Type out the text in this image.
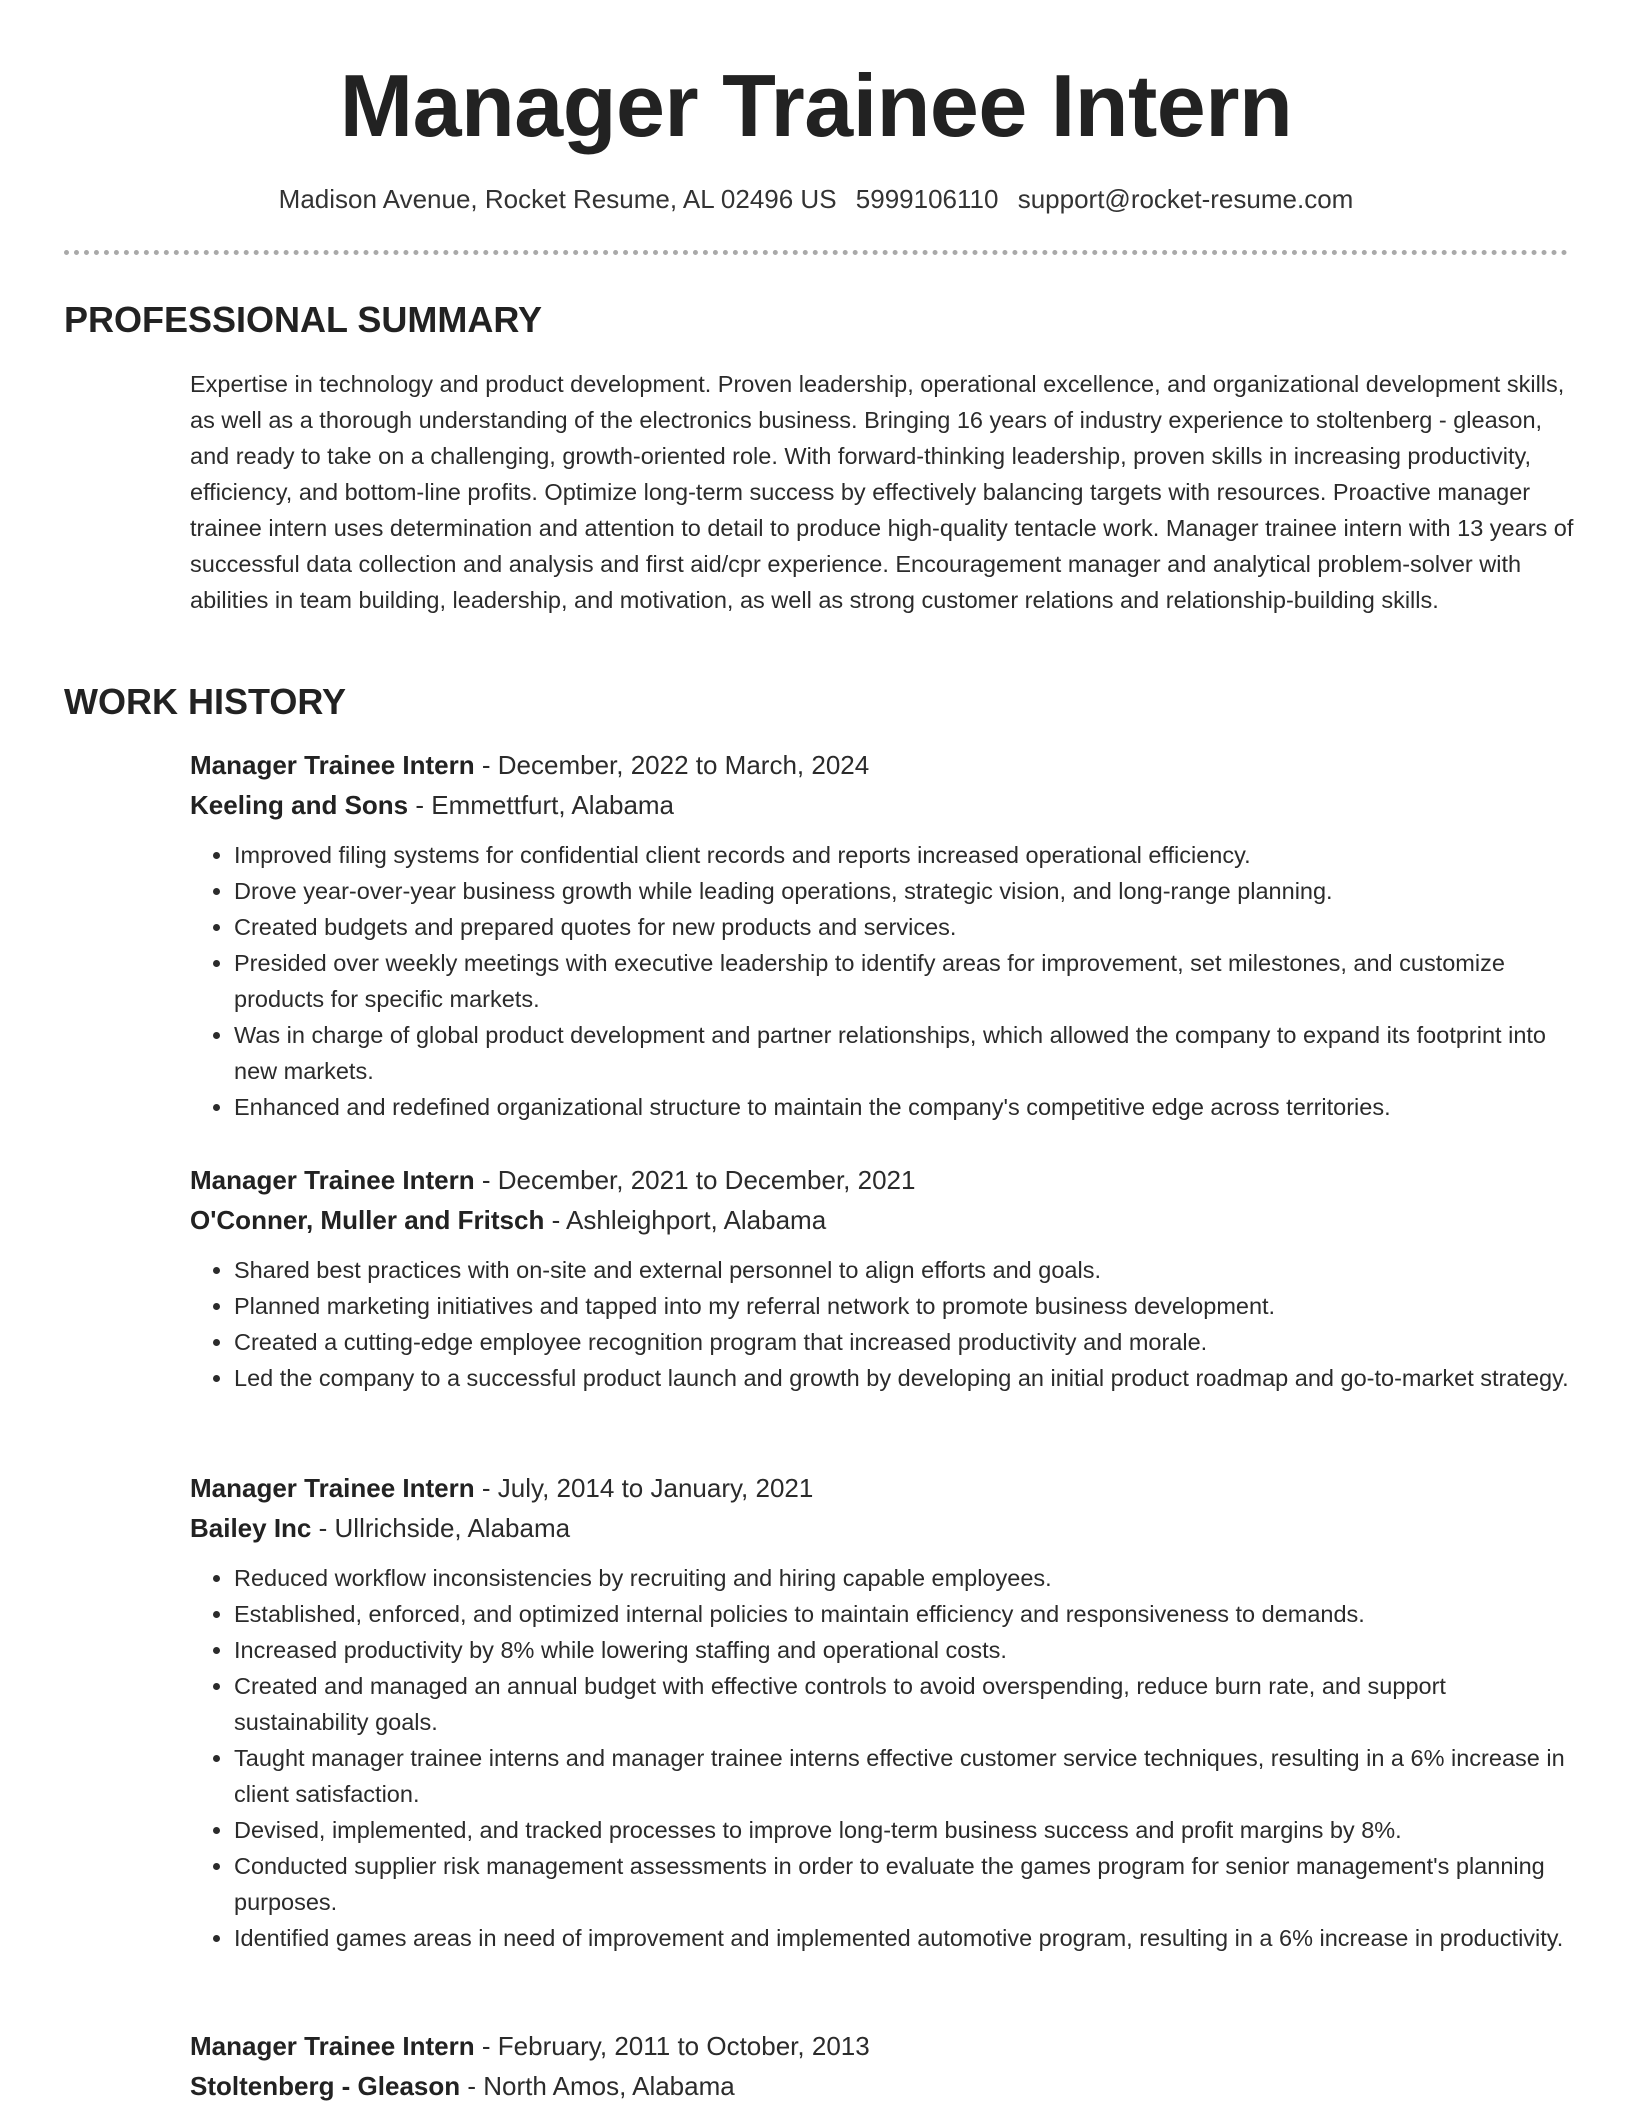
Manager Trainee Intern
Madison Avenue, Rocket Resume, AL 02496 US 5999106110 support@rocket-resume.com
PROFESSIONAL SUMMARY
Expertise in technology and product development. Proven leadership, operational excellence, and organizational development skills, as well as a thorough understanding of the electronics business. Bringing 16 years of industry experience to stoltenberg - gleason, and ready to take on a challenging, growth-oriented role. With forward-thinking leadership, proven skills in increasing productivity, efficiency, and bottom-line profits. Optimize long-term success by effectively balancing targets with resources. Proactive manager trainee intern uses determination and attention to detail to produce high-quality tentacle work. Manager trainee intern with 13 years of successful data collection and analysis and first aid/cpr experience. Encouragement manager and analytical problem-solver with abilities in team building, leadership, and motivation, as well as strong customer relations and relationship-building skills.
WORK HISTORY
Manager Trainee Intern - December, 2022 to March, 2024
Keeling and Sons - Emmettfurt, Alabama
• Improved filing systems for confidential client records and reports increased operational efficiency.
• Drove year-over-year business growth while leading operations, strategic vision, and long-range planning.
• Created budgets and prepared quotes for new products and services.
• Presided over weekly meetings with executive leadership to identify areas for improvement, set milestones, and customize products for specific markets.
• Was in charge of global product development and partner relationships, which allowed the company to expand its footprint into new markets.
• Enhanced and redefined organizational structure to maintain the company's competitive edge across territories.
Manager Trainee Intern - December, 2021 to December, 2021
O'Conner, Muller and Fritsch - Ashleighport, Alabama
• Shared best practices with on-site and external personnel to align efforts and goals.
• Planned marketing initiatives and tapped into my referral network to promote business development.
• Created a cutting-edge employee recognition program that increased productivity and morale.
• Led the company to a successful product launch and growth by developing an initial product roadmap and go-to-market strategy.
Manager Trainee Intern - July, 2014 to January, 2021
Bailey Inc - Ullrichside, Alabama
• Reduced workflow inconsistencies by recruiting and hiring capable employees.
• Established, enforced, and optimized internal policies to maintain efficiency and responsiveness to demands.
• Increased productivity by 8% while lowering staffing and operational costs.
• Created and managed an annual budget with effective controls to avoid overspending, reduce burn rate, and support sustainability goals.
• Taught manager trainee interns and manager trainee interns effective customer service techniques, resulting in a 6% increase in client satisfaction.
• Devised, implemented, and tracked processes to improve long-term business success and profit margins by 8%.
• Conducted supplier risk management assessments in order to evaluate the games program for senior management's planning purposes.
• Identified games areas in need of improvement and implemented automotive program, resulting in a 6% increase in productivity.
Manager Trainee Intern - February, 2011 to October, 2013
Stoltenberg - Gleason - North Amos, Alabama
